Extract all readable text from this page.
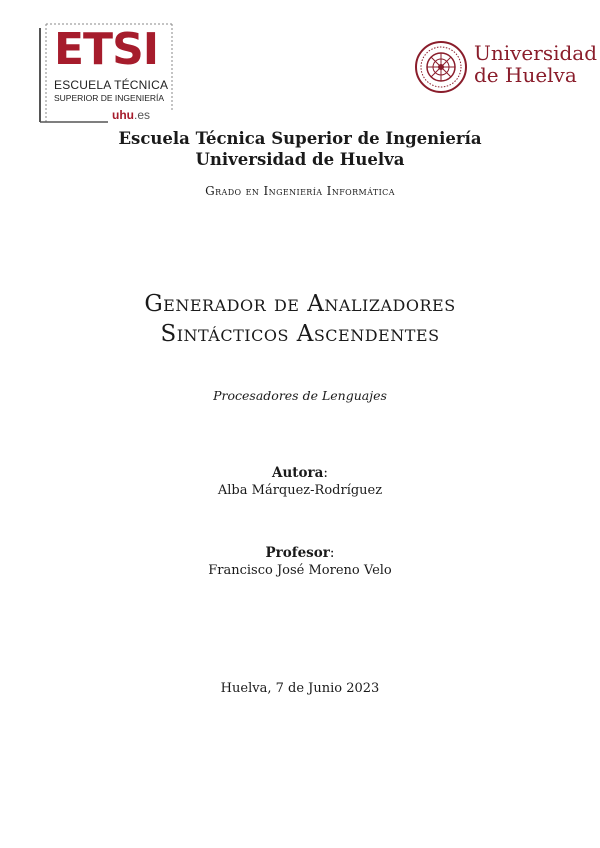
ETSI
ESCUELA TÉCNICA
SUPERIOR DE INGENIERÍA
uhu.es
Universidad
de Huelva
Escuela Técnica Superior de Ingeniería
Universidad de Huelva
Grado en Ingeniería Informática
Generador de Analizadores
Sintácticos Ascendentes
Procesadores de Lenguajes
Autora:
Alba Márquez-Rodríguez
Profesor:
Francisco José Moreno Velo
Huelva, 7 de Junio 2023
